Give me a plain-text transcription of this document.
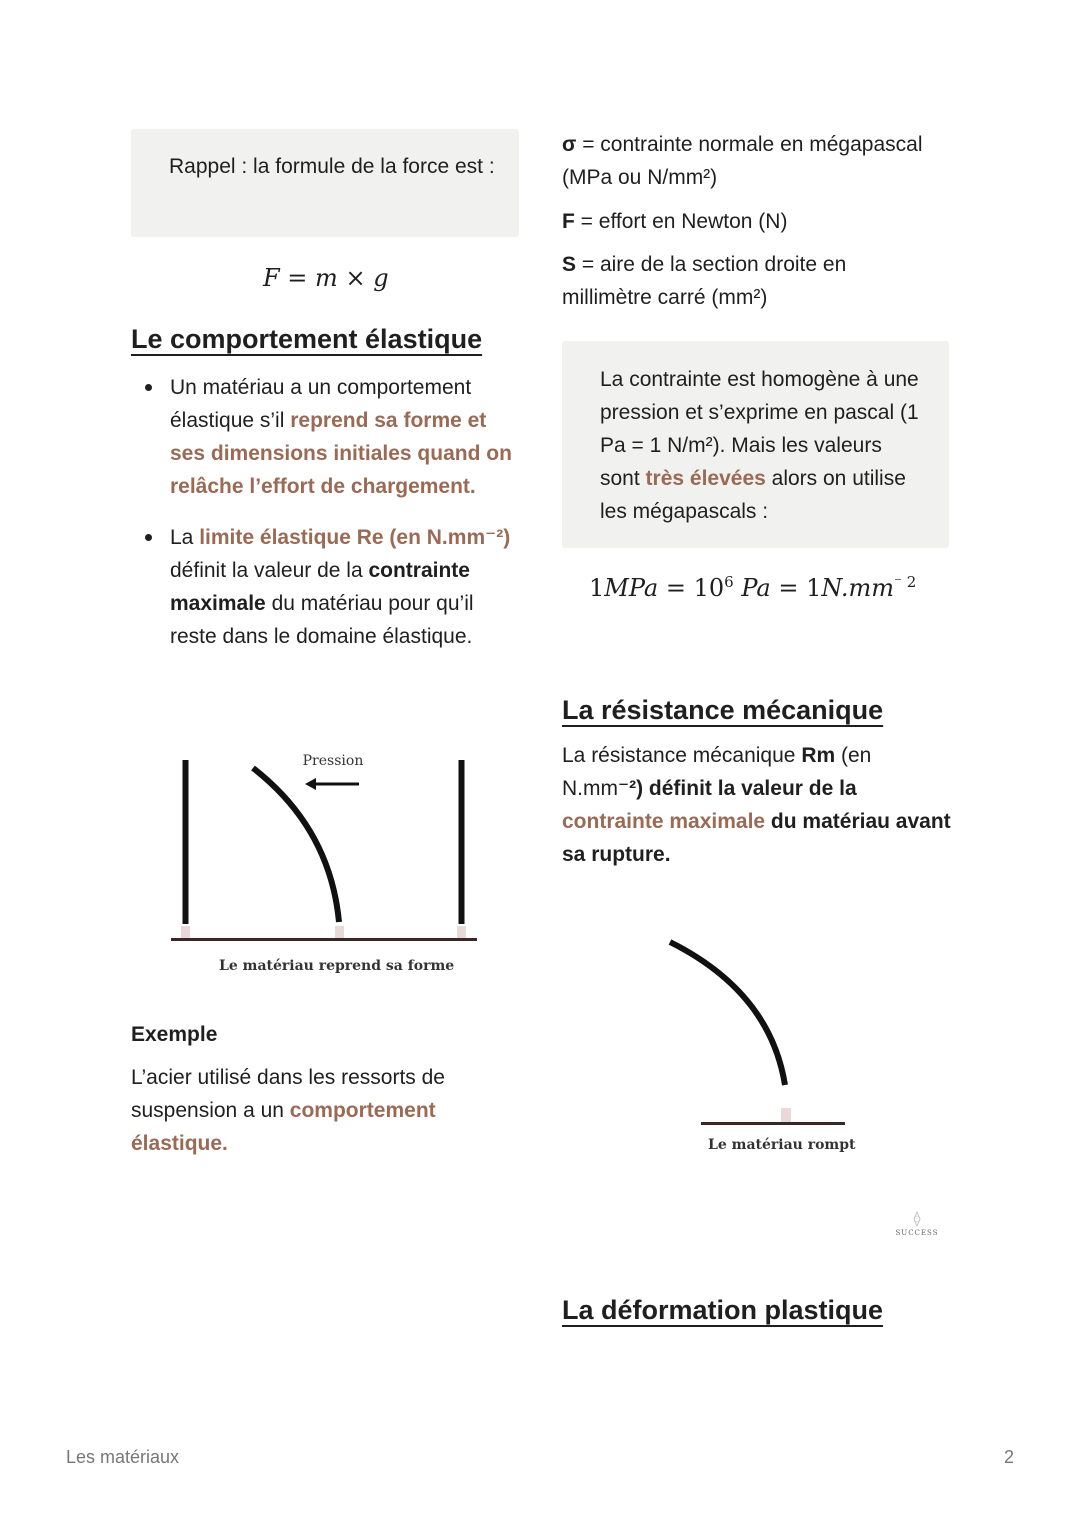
Rappel : la formule de la force est :
F = m × g
Le comportement élastique
Un matériau a un comportement élastique s’il reprend sa forme et ses dimensions initiales quand on relâche l’effort de chargement.
La limite élastique Re (en N.mm⁻²) définit la valeur de la contrainte maximale du matériau pour qu’il reste dans le domaine élastique.
Pression
Le matériau reprend sa forme
Exemple
L’acier utilisé dans les ressorts de suspension a un comportement élastique.
σ = contrainte normale en mégapascal (MPa ou N/mm²)
F = effort en Newton (N)
S = aire de la section droite en millimètre carré (mm²)
La contrainte est homogène à une pression et s’exprime en pascal (1 Pa = 1 N/m²). Mais les valeurs sont très élevées alors on utilise les mégapascals :
$1MPa = 10^6$ $Pa = 1N.mm^{^- 2}$
La résistance mécanique
La résistance mécanique Rm (en N.mm⁻²) définit la valeur de la contrainte maximale du matériau avant sa rupture.
Le matériau rompt
SUCCESS
La déformation plastique
Les matériaux	2
